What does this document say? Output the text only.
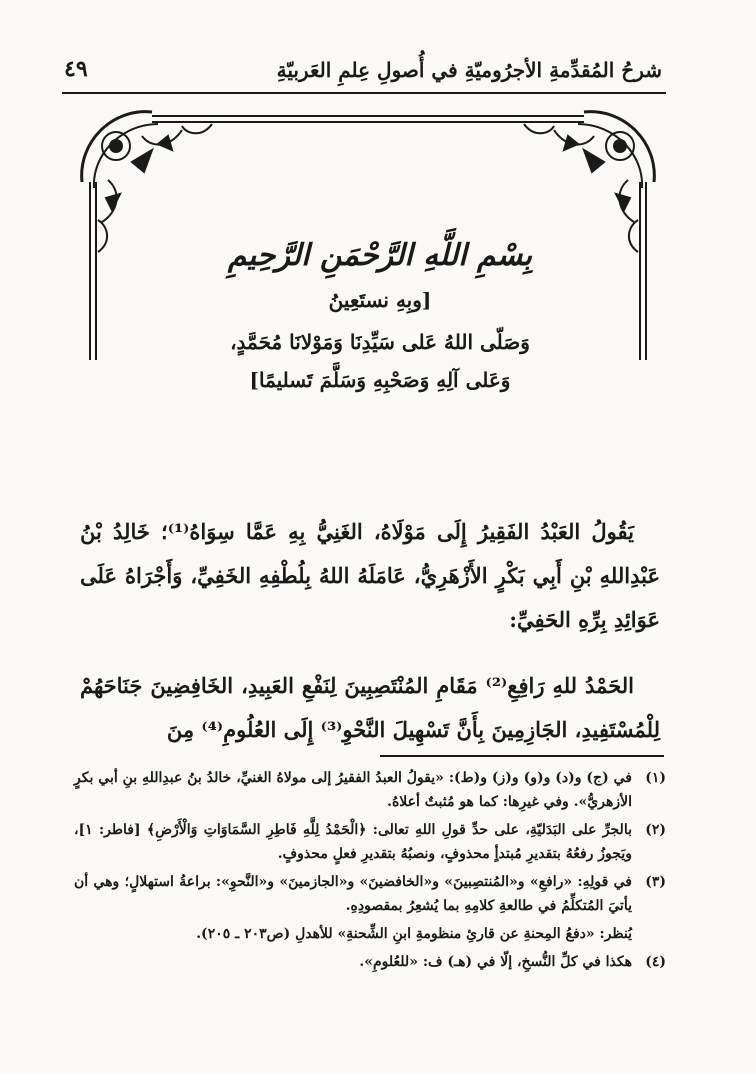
شرحُ المُقدِّمةِ الأجرُوميّةِ في أُصولِ عِلمِ العَربيّةِ
٤٩
بِسْمِ اللَّهِ الرَّحْمَنِ الرَّحِيمِ
[وبِهِ نستَعِينُ
وَصَلّى اللهُ عَلى سَيِّدِنَا وَمَوْلانَا مُحَمَّدٍ،
وَعَلى آلِهِ وَصَحْبِهِ وَسَلَّمَ تَسليمًا]

يَقُولُ العَبْدُ الفَقِيرُ إِلَى مَوْلَاهُ، الغَنِيُّ بِهِ عَمَّا سِوَاهُ⁽¹⁾؛ خَالِدُ بْنُ عَبْدِاللهِ بْنِ أَبِي بَكْرٍ الأَزْهَرِيُّ، عَامَلَهُ اللهُ بِلُطْفِهِ الخَفِيِّ، وَأَجْرَاهُ عَلَى عَوَائِدِ بِرِّهِ الحَفِيِّ:

الحَمْدُ للهِ رَافِعِ⁽²⁾ مَقَامِ المُنْتَصِبِينَ لِنَفْعِ العَبِيدِ، الخَافِضِينَ جَنَاحَهُمْ لِلْمُسْتَفِيدِ، الجَازِمِينَ بِأَنَّ تَسْهِيلَ النَّحْوِ⁽³⁾ إِلَى العُلُومِ⁽⁴⁾ مِنَ

(١)
في (ج) و(د) و(و) و(ز) و(ط): «يقولُ العبدُ الفقيرُ إلى مولاهُ الغنيِّ، خالدُ بنُ عبدِاللهِ بنِ أبي بكرٍ الأزهريُّ». وفي غيرِها: كما هو مُثبتٌ أعلاهُ.
(٢)
بالجرِّ على البَدَليّةِ، على حدِّ قولِ اللهِ تعالى: ﴿الْحَمْدُ لِلَّهِ فَاطِرِ السَّمَاوَاتِ وَالْأَرْضِ﴾ [فاطر: ١]، ويَجوزُ رفعُهُ بتقديرِ مُبتدأٍ محذوفٍ، ونصبُهُ بتقديرِ فعلٍ محذوفٍ.
(٣)
في قولِهِ: «رافعِ» و«المُنتصِبينَ» و«الخافضينَ» و«الجازمينَ» و«النَّحوِ»: براعةُ استهلالٍ؛ وهي أن يأتيَ المُتكلِّمُ في طالعةِ كلامِهِ بما يُشعِرُ بمقصودِهِ.
يُنظر: «دفعُ المِحنةِ عن قارئِ منظومةِ ابنِ الشِّحنةِ» للأهدلِ (ص٢٠٣ ـ ٢٠٥).
(٤)
هكذا في كلِّ النُّسخِ، إلّا في (هـ) ف: «للعُلومِ».
